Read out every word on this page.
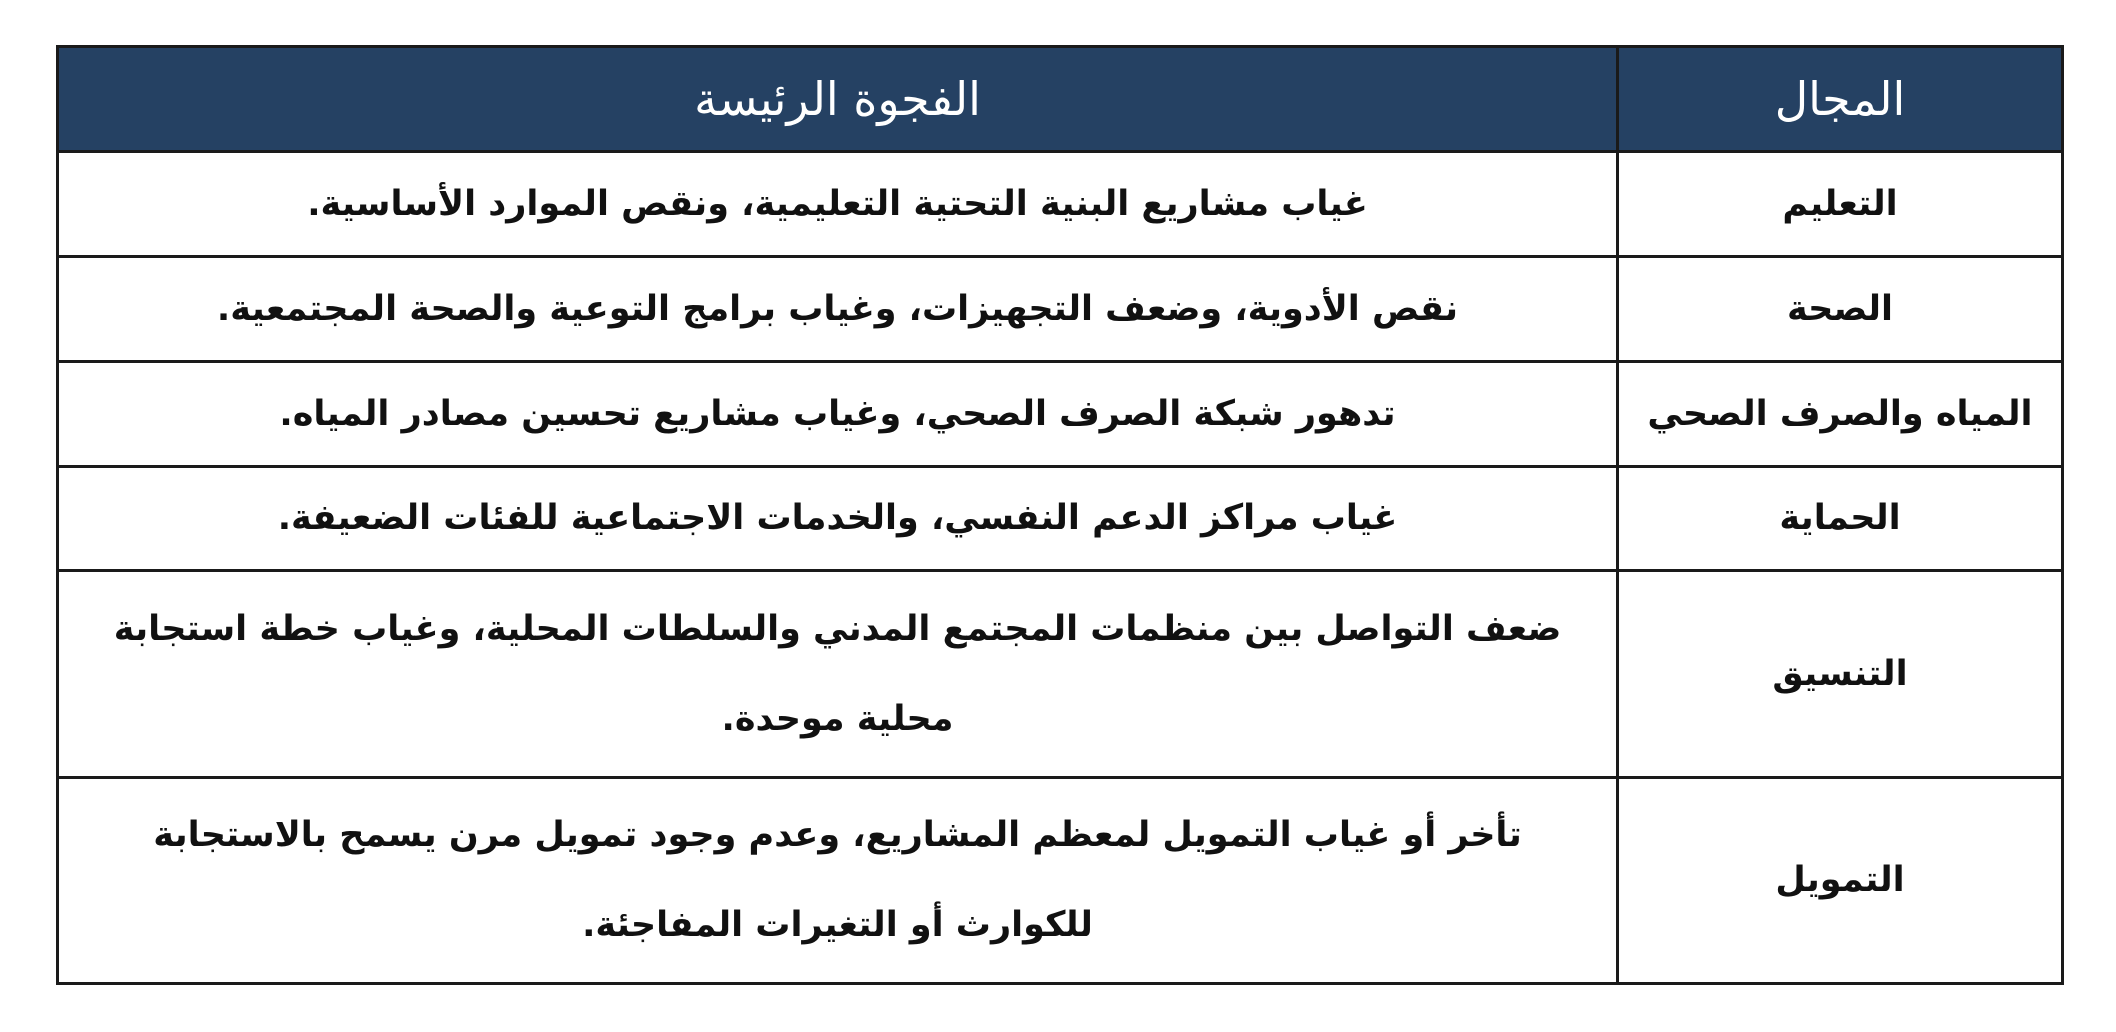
المجال	الفجوة الرئيسة
التعليم	غياب مشاريع البنية التحتية التعليمية، ونقص الموارد الأساسية.
الصحة	نقص الأدوية، وضعف التجهيزات، وغياب برامج التوعية والصحة المجتمعية.
المياه والصرف الصحي	تدهور شبكة الصرف الصحي، وغياب مشاريع تحسين مصادر المياه.
الحماية	غياب مراكز الدعم النفسي، والخدمات الاجتماعية للفئات الضعيفة.
التنسيق	ضعف التواصل بين منظمات المجتمع المدني والسلطات المحلية، وغياب خطة استجابة محلية موحدة.
التمويل	تأخر أو غياب التمويل لمعظم المشاريع، وعدم وجود تمويل مرن يسمح بالاستجابة للكوارث أو التغيرات المفاجئة.
